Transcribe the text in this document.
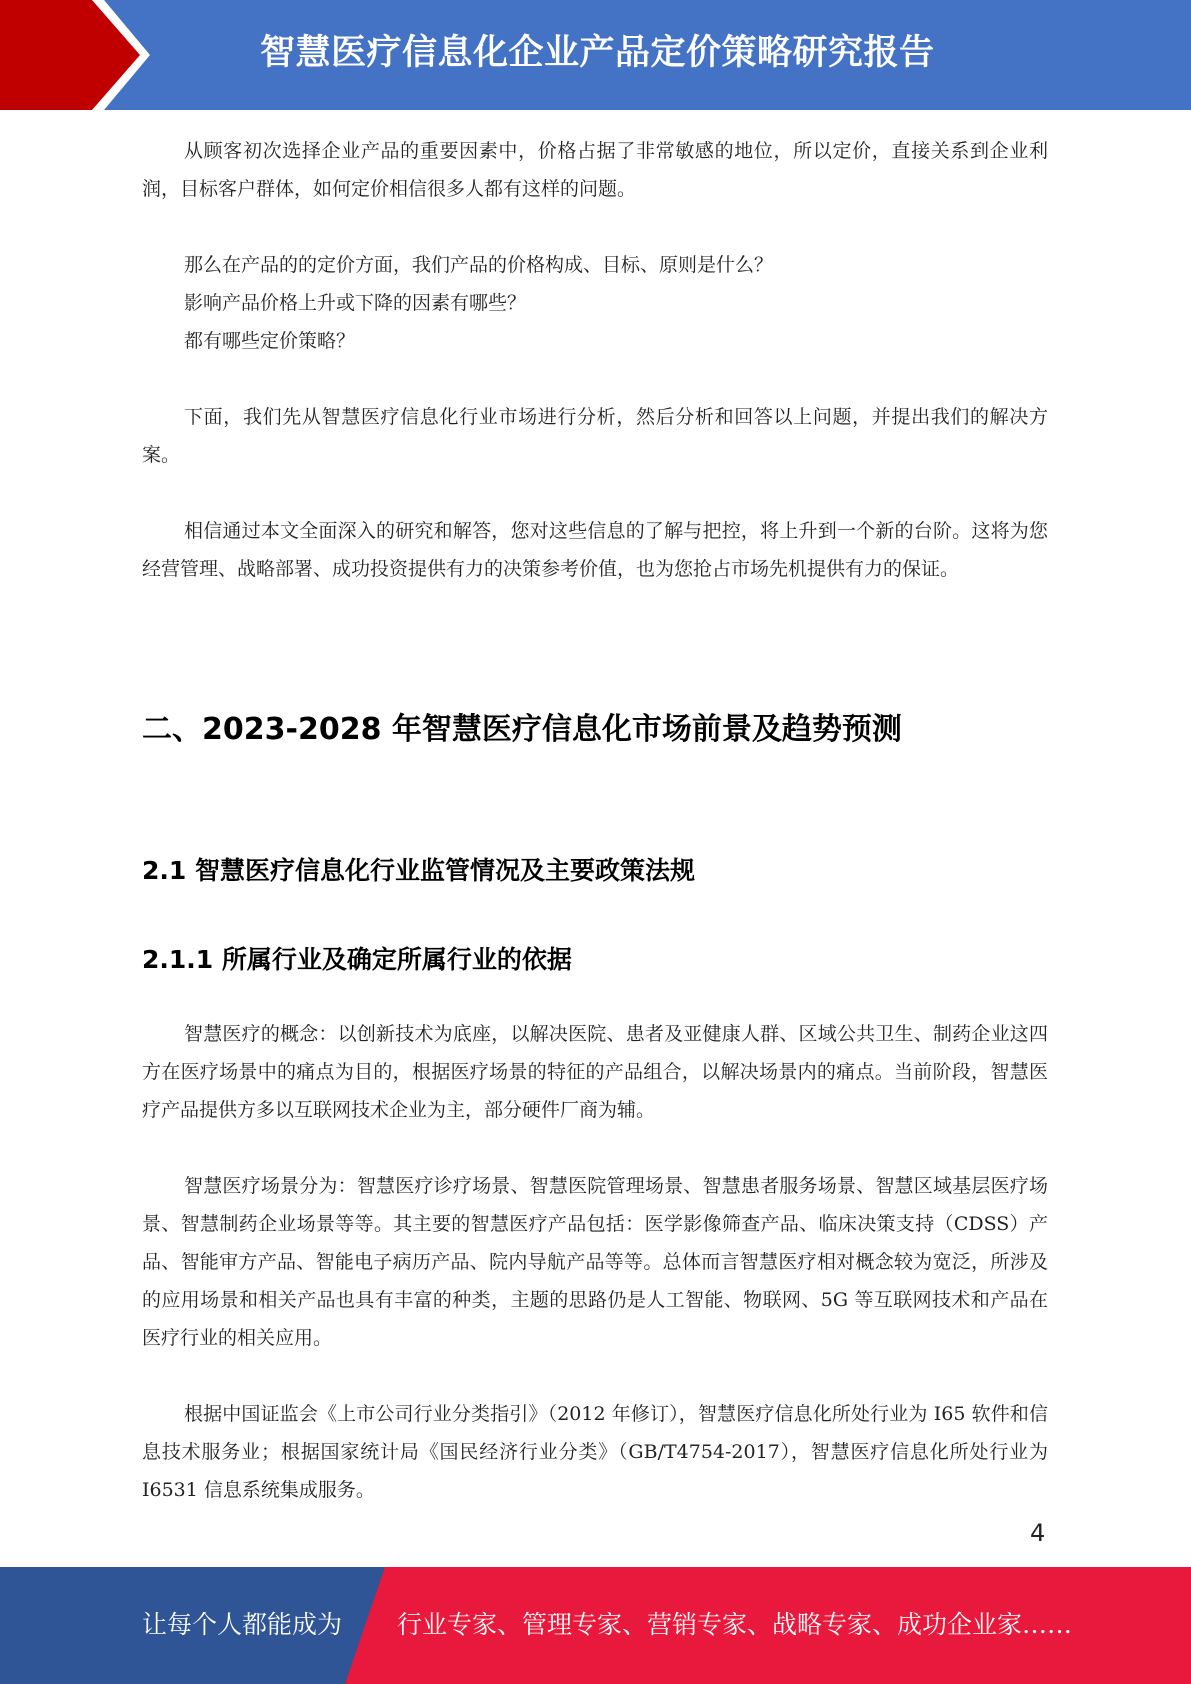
智慧医疗信息化企业产品定价策略研究报告

从顾客初次选择企业产品的重要因素中，价格占据了非常敏感的地位，所以定价，直接关系到企业利润，目标客户群体，如何定价相信很多人都有这样的问题。

那么在产品的的定价方面，我们产品的价格构成、目标、原则是什么？

影响产品价格上升或下降的因素有哪些？

都有哪些定价策略？

下面，我们先从智慧医疗信息化行业市场进行分析，然后分析和回答以上问题，并提出我们的解决方案。

相信通过本文全面深入的研究和解答，您对这些信息的了解与把控，将上升到一个新的台阶。这将为您经营管理、战略部署、成功投资提供有力的决策参考价值，也为您抢占市场先机提供有力的保证。

二、2023-2028 年智慧医疗信息化市场前景及趋势预测
2.1 智慧医疗信息化行业监管情况及主要政策法规
2.1.1 所属行业及确定所属行业的依据

智慧医疗的概念：以创新技术为底座，以解决医院、患者及亚健康人群、区域公共卫生、制药企业这四方在医疗场景中的痛点为目的，根据医疗场景的特征的产品组合，以解决场景内的痛点。当前阶段，智慧医疗产品提供方多以互联网技术企业为主，部分硬件厂商为辅。

智慧医疗场景分为：智慧医疗诊疗场景、智慧医院管理场景、智慧患者服务场景、智慧区域基层医疗场景、智慧制药企业场景等等。其主要的智慧医疗产品包括：医学影像筛查产品、临床决策支持（CDSS）产品、智能审方产品、智能电子病历产品、院内导航产品等等。总体而言智慧医疗相对概念较为宽泛，所涉及的应用场景和相关产品也具有丰富的种类，主题的思路仍是人工智能、物联网、5G 等互联网技术和产品在医疗行业的相关应用。

根据中国证监会《上市公司行业分类指引》（2012 年修订），智慧医疗信息化所处行业为 I65 软件和信息技术服务业；根据国家统计局《国民经济行业分类》（GB/T4754-2017），智慧医疗信息化所处行业为 I6531 信息系统集成服务。

4
让每个人都能成为 行业专家、管理专家、营销专家、战略专家、成功企业家……
